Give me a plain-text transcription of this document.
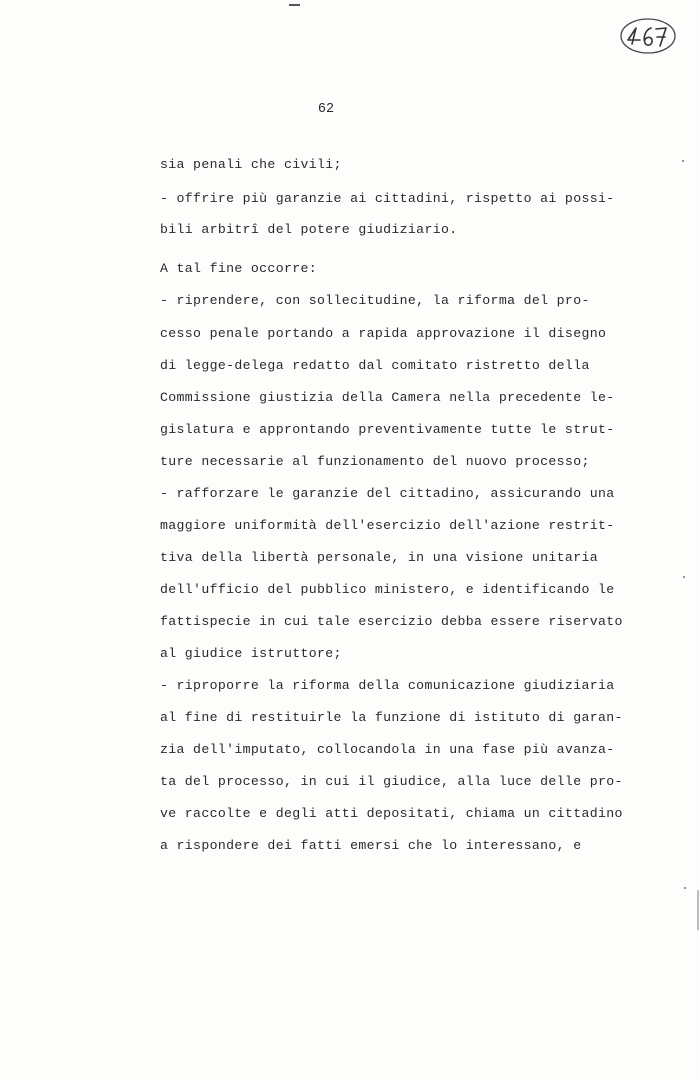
62
sia penali che civili;
- offrire più garanzie ai cittadini, rispetto ai possi-
bili arbitrî del potere giudiziario.
A tal fine occorre:
- riprendere, con sollecitudine, la riforma del pro-
cesso penale portando a rapida approvazione il disegno
di legge-delega redatto dal comitato ristretto della
Commissione giustizia della Camera nella precedente le-
gislatura e approntando preventivamente tutte le strut-
ture necessarie al funzionamento del nuovo processo;
- rafforzare le garanzie del cittadino, assicurando una
maggiore uniformità dell'esercizio dell'azione restrit-
tiva della libertà personale, in una visione unitaria
dell'ufficio del pubblico ministero, e identificando le
fattispecie in cui tale esercizio debba essere riservato
al giudice istruttore;
- riproporre la riforma della comunicazione giudiziaria
al fine di restituirle la funzione di istituto di garan-
zia dell'imputato, collocandola in una fase più avanza-
ta del processo, in cui il giudice, alla luce delle pro-
ve raccolte e degli atti depositati, chiama un cittadino
a rispondere dei fatti emersi che lo interessano, e
